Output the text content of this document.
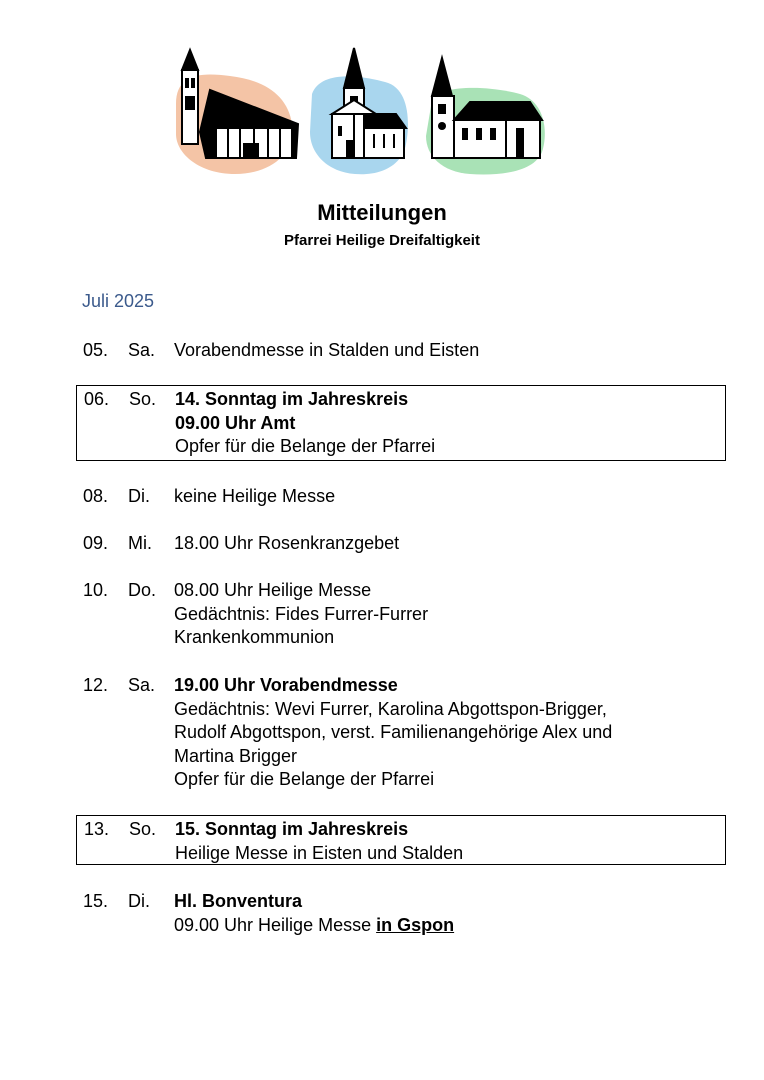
Mitteilungen
Pfarrei Heilige Dreifaltigkeit
Juli 2025
05. Sa. Vorabendmesse in Stalden und Eisten
06. So. 14. Sonntag im Jahreskreis
09.00 Uhr Amt
Opfer für die Belange der Pfarrei
08. Di. keine Heilige Messe
09. Mi. 18.00 Uhr Rosenkranzgebet
10. Do. 08.00 Uhr Heilige Messe
Gedächtnis: Fides Furrer-Furrer
Krankenkommunion
12. Sa. 19.00 Uhr Vorabendmesse
Gedächtnis: Wevi Furrer, Karolina Abgottspon-Brigger,
Rudolf Abgottspon, verst. Familienangehörige Alex und
Martina Brigger
Opfer für die Belange der Pfarrei
13. So. 15. Sonntag im Jahreskreis
Heilige Messe in Eisten und Stalden
15. Di. Hl. Bonventura
09.00 Uhr Heilige Messe in Gspon
